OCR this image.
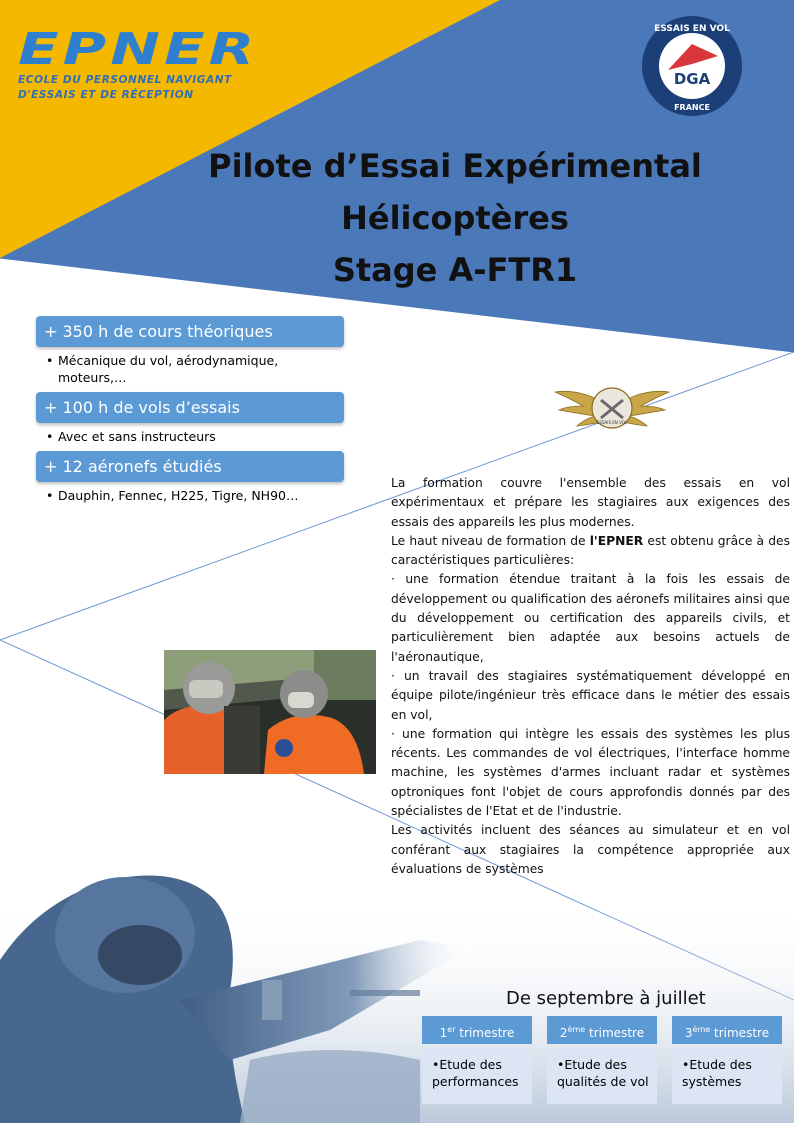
EPNER
ECOLE DU PERSONNEL NAVIGANT
D'ESSAIS ET DE RÉCEPTION
DGA
ESSAIS EN VOL
FRANCE
Pilote d’Essai Expérimental
Hélicoptères
Stage A-FTR1
+ 350 h de cours théoriques
• Mécanique du vol, aérodynamique, moteurs,…
+ 100 h de vols d’essais
• Avec et sans instructeurs
+ 12 aéronefs étudiés
• Dauphin, Fennec, H225, Tigre, NH90…
ESSAIS EN VOL

La formation couvre l'ensemble des essais en vol expérimentaux et prépare les stagiaires aux exigences des essais des appareils les plus modernes.

Le haut niveau de formation de l'EPNER est obtenu grâce à des caractéristiques particulières:

· une formation étendue traitant à la fois les essais de développement ou qualification des aéronefs militaires ainsi que du développement ou certification des appareils civils, et particulièrement bien adaptée aux besoins actuels de l'aéronautique,

· un travail des stagiaires systématiquement développé en équipe pilote/ingénieur très efficace dans le métier des essais en vol,

· une formation qui intègre les essais des systèmes les plus récents. Les commandes de vol électriques, l'interface homme machine, les systèmes d'armes incluant radar et systèmes optroniques font l'objet de cours approfondis donnés par des spécialistes de l'Etat et de l'industrie.

Les activités incluent des séances au simulateur et en vol conférant aux stagiaires la compétence appropriée aux évaluations de systèmes

De septembre à juillet
1er trimestre
• Etude des performances
2ème trimestre
• Etude des qualités de vol
3ème trimestre
• Etude des systèmes
